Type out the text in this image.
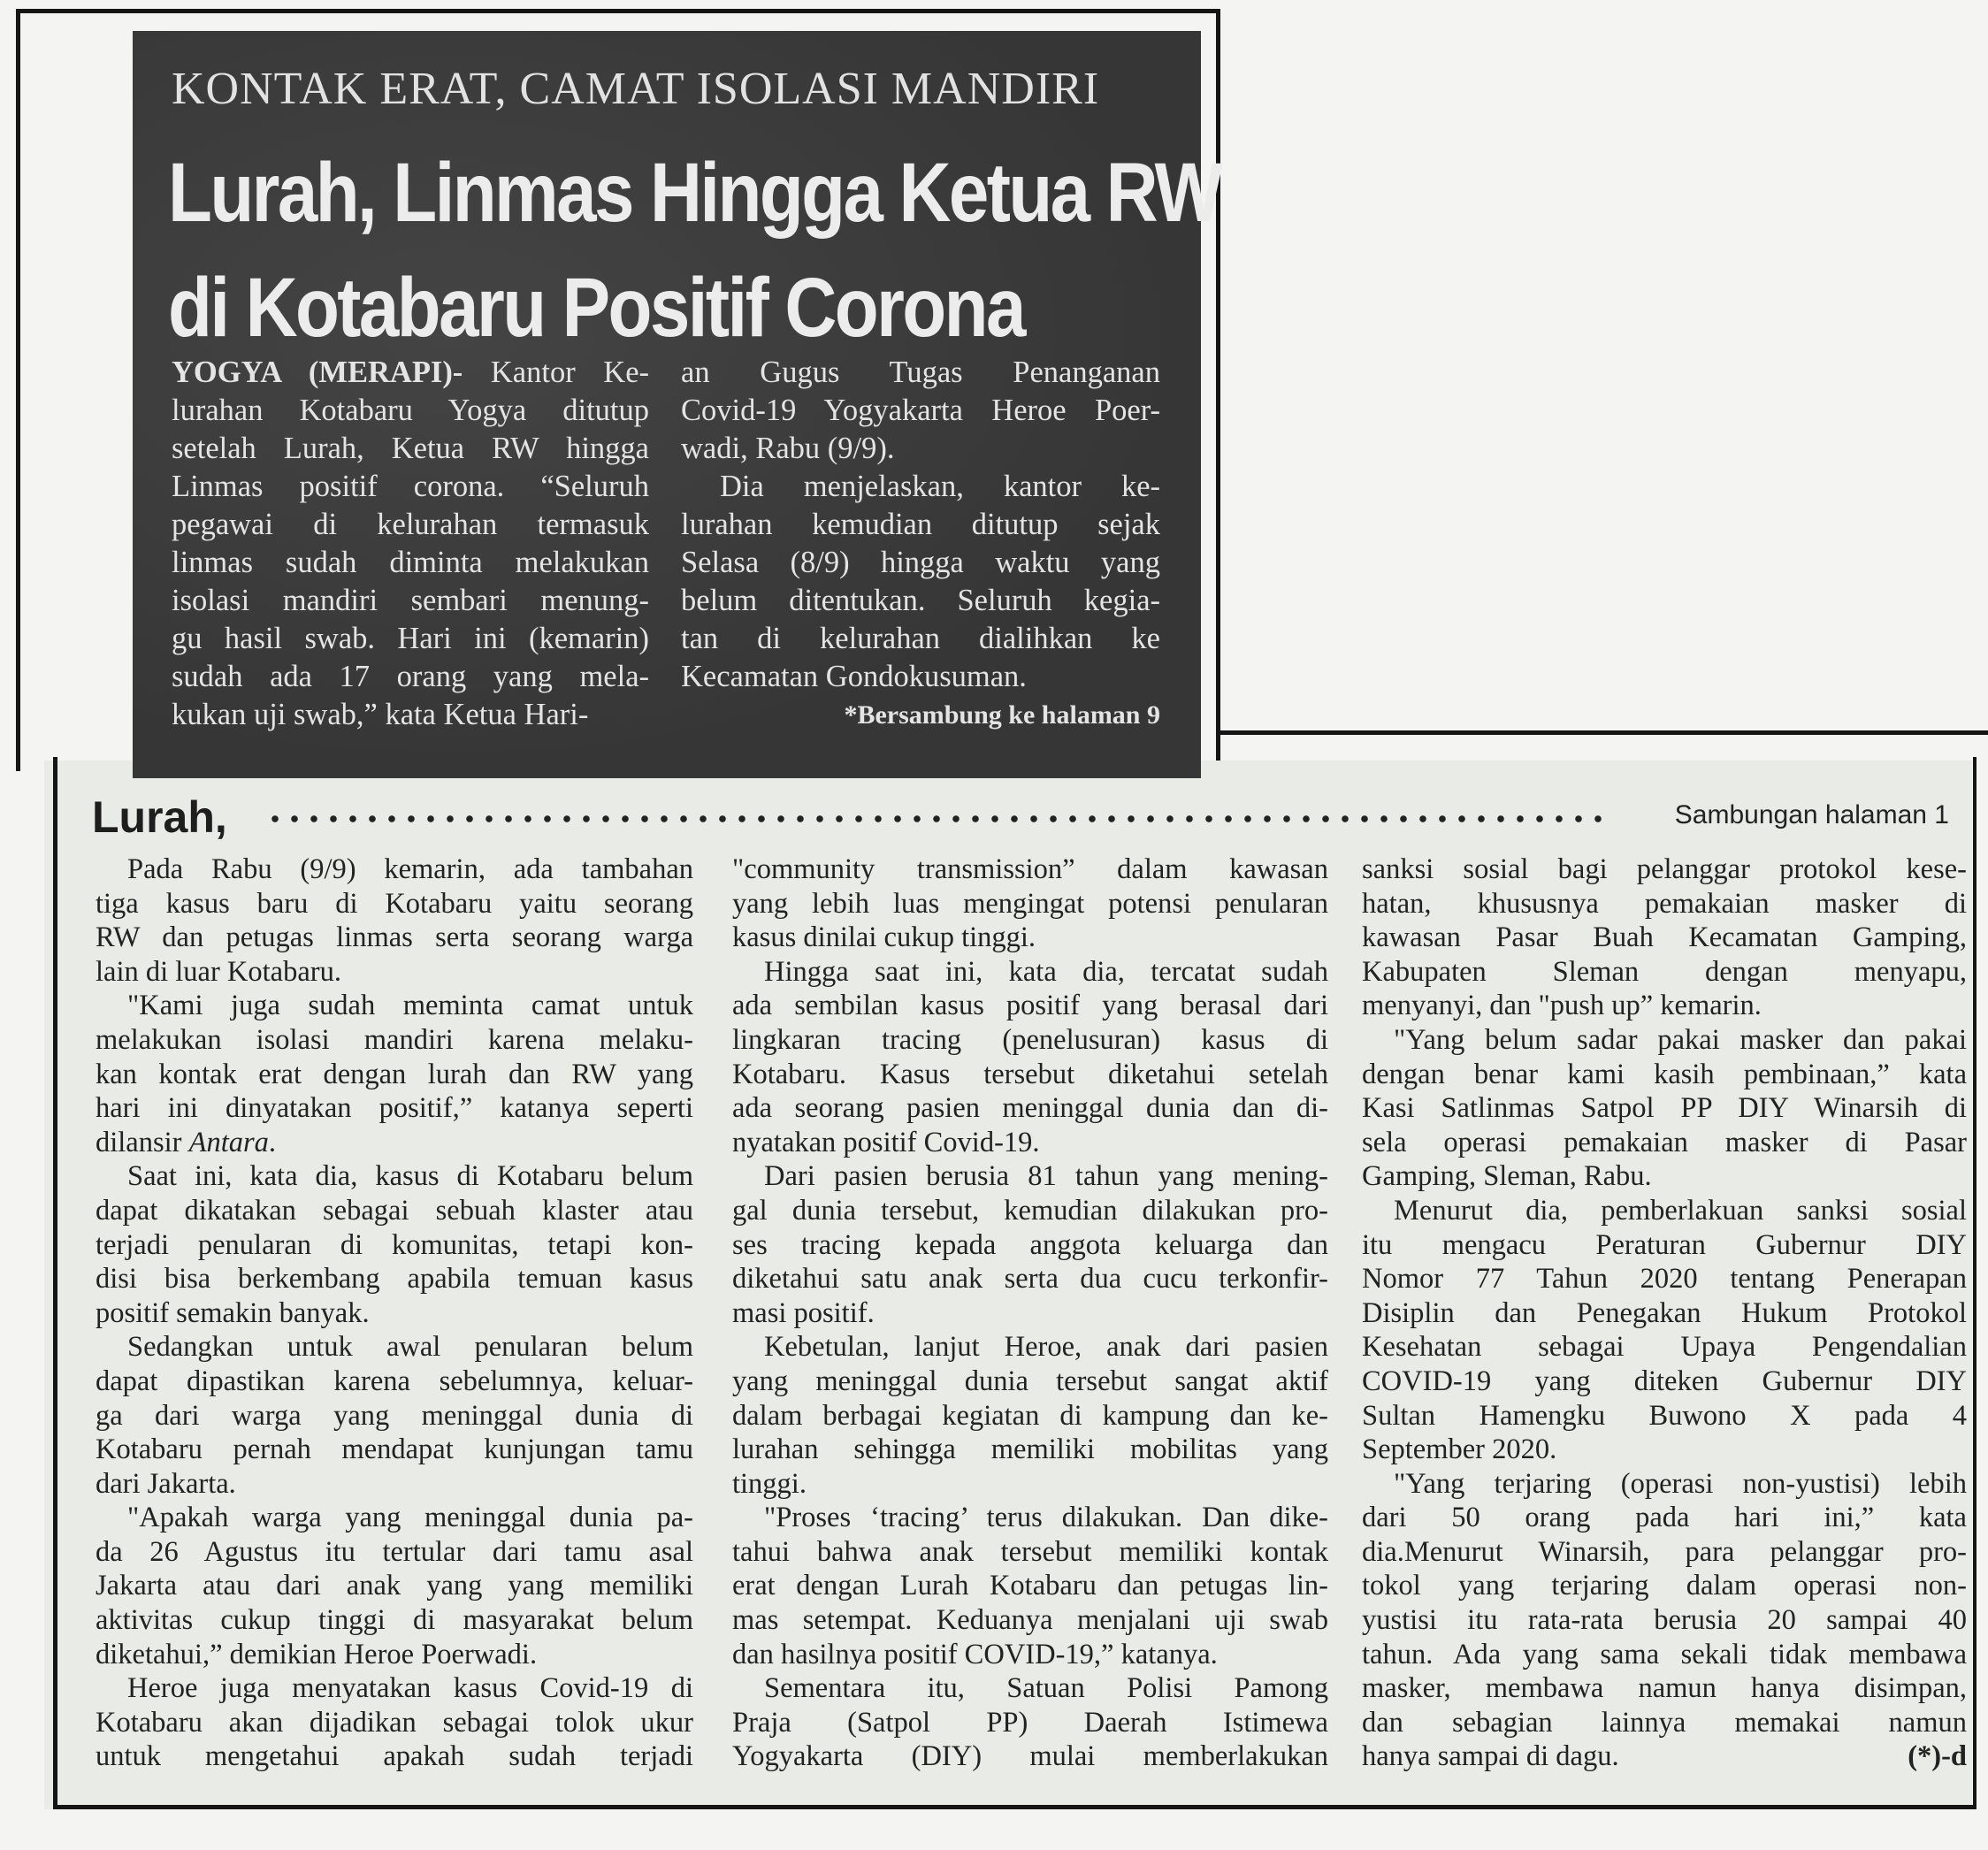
KONTAK ERAT, CAMAT ISOLASI MANDIRI
Lurah, Linmas Hingga Ketua RW
di Kotabaru Positif Corona
YOGYA (MERAPI)- Kantor Ke-
lurahan Kotabaru Yogya ditutup
setelah Lurah, Ketua RW hingga
Linmas positif corona. “Seluruh
pegawai di kelurahan termasuk
linmas sudah diminta melakukan
isolasi mandiri sembari menung-
gu hasil swab. Hari ini (kemarin)
sudah ada 17 orang yang mela-
kukan uji swab,” kata Ketua Hari-
an Gugus Tugas Penanganan
Covid-19 Yogyakarta Heroe Poer-
wadi, Rabu (9/9).
Dia menjelaskan, kantor ke-
lurahan kemudian ditutup sejak
Selasa (8/9) hingga waktu yang
belum ditentukan. Seluruh kegia-
tan di kelurahan dialihkan ke
Kecamatan Gondokusuman.
*Bersambung ke halaman 9
Lurah,	Sambungan halaman 1
Pada Rabu (9/9) kemarin, ada tambahan
tiga kasus baru di Kotabaru yaitu seorang
RW dan petugas linmas serta seorang warga
lain di luar Kotabaru.
"Kami juga sudah meminta camat untuk
melakukan isolasi mandiri karena melaku-
kan kontak erat dengan lurah dan RW yang
hari ini dinyatakan positif,” katanya seperti
dilansir Antara.
Saat ini, kata dia, kasus di Kotabaru belum
dapat dikatakan sebagai sebuah klaster atau
terjadi penularan di komunitas, tetapi kon-
disi bisa berkembang apabila temuan kasus
positif semakin banyak.
Sedangkan untuk awal penularan belum
dapat dipastikan karena sebelumnya, keluar-
ga dari warga yang meninggal dunia di
Kotabaru pernah mendapat kunjungan tamu
dari Jakarta.
"Apakah warga yang meninggal dunia pa-
da 26 Agustus itu tertular dari tamu asal
Jakarta atau dari anak yang yang memiliki
aktivitas cukup tinggi di masyarakat belum
diketahui,” demikian Heroe Poerwadi.
Heroe juga menyatakan kasus Covid-19 di
Kotabaru akan dijadikan sebagai tolok ukur
untuk mengetahui apakah sudah terjadi
"community transmission” dalam kawasan
yang lebih luas mengingat potensi penularan
kasus dinilai cukup tinggi.
Hingga saat ini, kata dia, tercatat sudah
ada sembilan kasus positif yang berasal dari
lingkaran tracing (penelusuran) kasus di
Kotabaru. Kasus tersebut diketahui setelah
ada seorang pasien meninggal dunia dan di-
nyatakan positif Covid-19.
Dari pasien berusia 81 tahun yang mening-
gal dunia tersebut, kemudian dilakukan pro-
ses tracing kepada anggota keluarga dan
diketahui satu anak serta dua cucu terkonfir-
masi positif.
Kebetulan, lanjut Heroe, anak dari pasien
yang meninggal dunia tersebut sangat aktif
dalam berbagai kegiatan di kampung dan ke-
lurahan sehingga memiliki mobilitas yang
tinggi.
"Proses ‘tracing’ terus dilakukan. Dan dike-
tahui bahwa anak tersebut memiliki kontak
erat dengan Lurah Kotabaru dan petugas lin-
mas setempat. Keduanya menjalani uji swab
dan hasilnya positif COVID-19,” katanya.
Sementara itu, Satuan Polisi Pamong
Praja (Satpol PP) Daerah Istimewa
Yogyakarta (DIY) mulai memberlakukan
sanksi sosial bagi pelanggar protokol kese-
hatan, khususnya pemakaian masker di
kawasan Pasar Buah Kecamatan Gamping,
Kabupaten Sleman dengan menyapu,
menyanyi, dan "push up” kemarin.
"Yang belum sadar pakai masker dan pakai
dengan benar kami kasih pembinaan,” kata
Kasi Satlinmas Satpol PP DIY Winarsih di
sela operasi pemakaian masker di Pasar
Gamping, Sleman, Rabu.
Menurut dia, pemberlakuan sanksi sosial
itu mengacu Peraturan Gubernur DIY
Nomor 77 Tahun 2020 tentang Penerapan
Disiplin dan Penegakan Hukum Protokol
Kesehatan sebagai Upaya Pengendalian
COVID-19 yang diteken Gubernur DIY
Sultan Hamengku Buwono X pada 4
September 2020.
"Yang terjaring (operasi non-yustisi) lebih
dari 50 orang pada hari ini,” kata
dia.Menurut Winarsih, para pelanggar pro-
tokol yang terjaring dalam operasi non-
yustisi itu rata-rata berusia 20 sampai 40
tahun. Ada yang sama sekali tidak membawa
masker, membawa namun hanya disimpan,
dan sebagian lainnya memakai namun
hanya sampai di dagu.	(*)-d
